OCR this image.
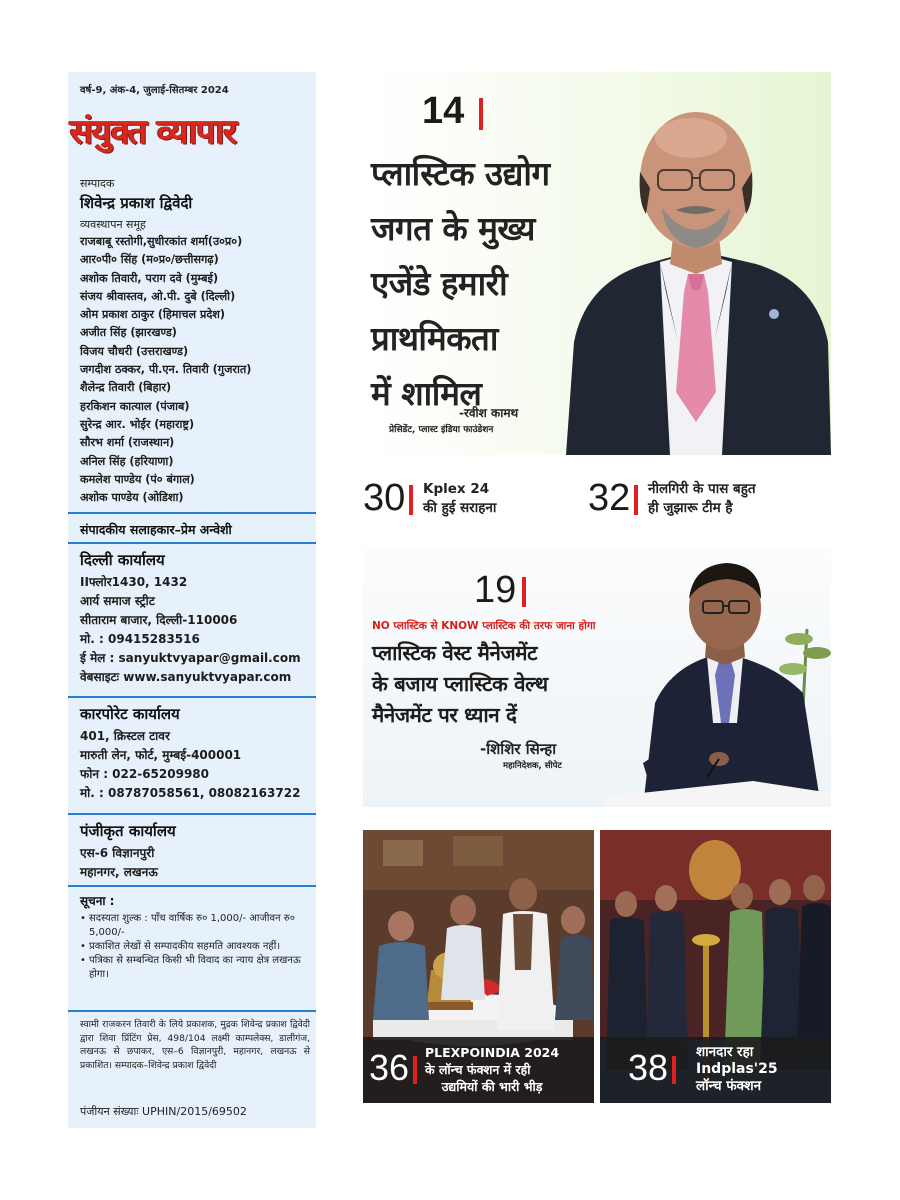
वर्ष-9, अंक-4, जुलाई-सितम्बर 2024
संयुक्त व्यापार
सम्पादक
शिवेन्द्र प्रकाश द्विवेदी
व्यवस्थापन समूह
राजबाबू रस्तोगी,सुधीरकांत शर्मा(उ०प्र०)
आर०पी० सिंह (म०प्र०/छत्तीसगढ़)
अशोक तिवारी, पराग दवे (मुम्बई)
संजय श्रीवास्तव, ओ.पी. दुबे (दिल्ली)
ओम प्रकाश ठाकुर (हिमाचल प्रदेश)
अजीत सिंह (झारखण्ड)
विजय चौधरी (उत्तराखण्ड)
जगदीश ठक्कर, पी.एन. तिवारी (गुजरात)
शैलेन्द्र तिवारी (बिहार)
हरकिशन कात्याल (पंजाब)
सुरेन्द्र आर. भोईर (महाराष्ट्र)
सौरभ शर्मा (राजस्थान)
अनिल सिंह (हरियाणा)
कमलेश पाण्डेय (पं० बंगाल)
अशोक पाण्डेय (ओडिशा)
संपादकीय सलाहकार–प्रेम अन्वेशी
दिल्ली कार्यालय
IIफ्लोर1430, 1432
आर्य समाज स्ट्रीट
सीताराम बाजार, दिल्ली-110006
मो. : 09415283516
ई मेल : sanyuktvyapar@gmail.com
वेबसाइटः www.sanyuktvyapar.com
कारपोरेट कार्यालय
401, क्रिस्टल टावर
मारुती लेन, फोर्ट, मुम्बई-400001
फोन : 022-65209980
मो. : 08787058561, 08082163722
पंजीकृत कार्यालय
एस-6 विज्ञानपुरी
महानगर, लखनऊ
सूचना :
• सदस्यता शुल्क : पाँच वार्षिक रु० 1,000/- आजीवन रु० 5,000/-
• प्रकाशित लेखों से सम्पादकीय सहमति आवश्यक नहीं।
• पत्रिका से सम्बन्धित किसी भी विवाद का न्याय क्षेत्र लखनऊ होगा।
स्वामी राजकरन तिवारी के लिये प्रकाशक, मुद्रक शिवेन्द्र प्रकाश द्विवेदी द्वारा शिवा प्रिंटिंग प्रेस, 498/104 लक्ष्मी काम्पलेक्स, डालीगंज, लखनऊ से छपाकर, एस–6 विज्ञानपुरी, महानगर, लखनऊ से प्रकाशित। सम्पादक–शिवेन्द्र प्रकाश द्विवेदी
पंजीयन संख्याः UPHIN/2015/69502
14
प्लास्टिक उद्योग
जगत के मुख्य
एजेंडे हमारी
प्राथमिकता
में शामिल
-रवीश कामथ
प्रेसिडेंट, प्लास्ट इंडिया फाउंडेशन
30 Kplex 24
की हुई सराहना 32 नीलगिरी के पास बहुत
ही जुझारू टीम है
19
NO प्लास्टिक से KNOW प्लास्टिक की तरफ जाना होगा
प्लास्टिक वेस्ट मैनेजमेंट
के बजाय प्लास्टिक वेल्थ
मैनेजमेंट पर ध्यान दें
-शिशिर सिन्हा
महानिदेशक, सीपेट
36 PLEXPOINDIA 2024
के लॉन्च फंक्शन में रही
उद्यमियों की भारी भीड़	38 शानदार रहा
Indplas'25
लॉन्च फंक्शन
